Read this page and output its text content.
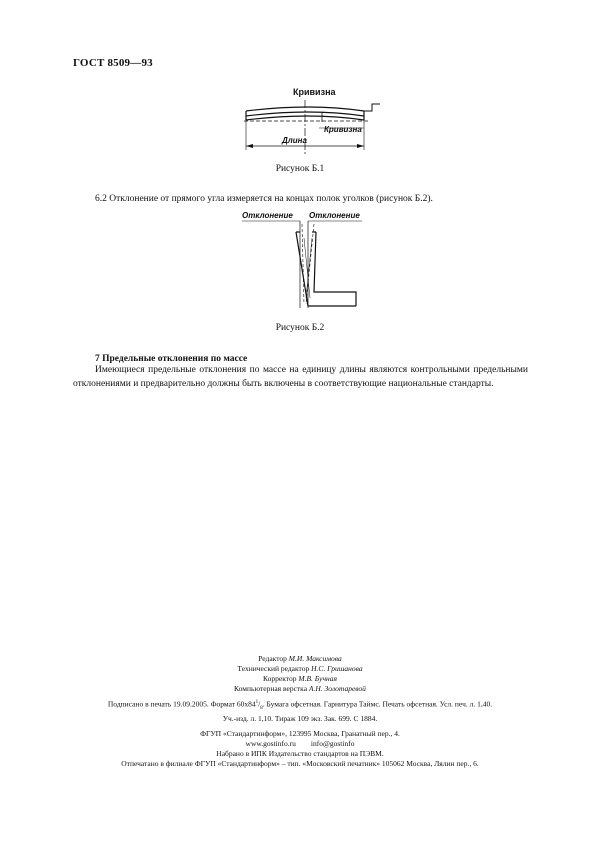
ГОСТ 8509—93
Кривизна
Кривизна
Длина
Рисунок Б.1
6.2 Отклонение от прямого угла измеряется на концах полок уголков (рисунок Б.2).
Отклонение Отклонение
Рисунок Б.2
7 Предельные отклонения по массе
Имеющиеся предельные отклонения по массе на единицу длины являются контрольными предельными отклонениями и предварительно должны быть включены в соответствующие национальные стандарты.
Редактор М.И. Максимова
Технический редактор Н.С. Гришанова
Корректор М.В. Бучная
Компьютерная верстка А.Н. Золотаревой
Подписано в печать 19.09.2005. Формат $60x84^1/_8$. Бумага офсетная. Гарнитура Таймс. Печать офсетная. Усл. печ. л. 1,40.
Уч.-изд. л. 1,10. Тираж 109 экз. Зак. 699. С 1884.
ФГУП «Стандартинформ», 123995 Москва, Гранатный пер., 4.
www.gostinfo.ru info@gostinfo
Набрано в ИПК Издательство стандартов на ПЭВМ.
Отпечатано в филиале ФГУП «Стандартинформ» – тип. «Московский печатник» 105062 Москва, Лялин пер., 6.
